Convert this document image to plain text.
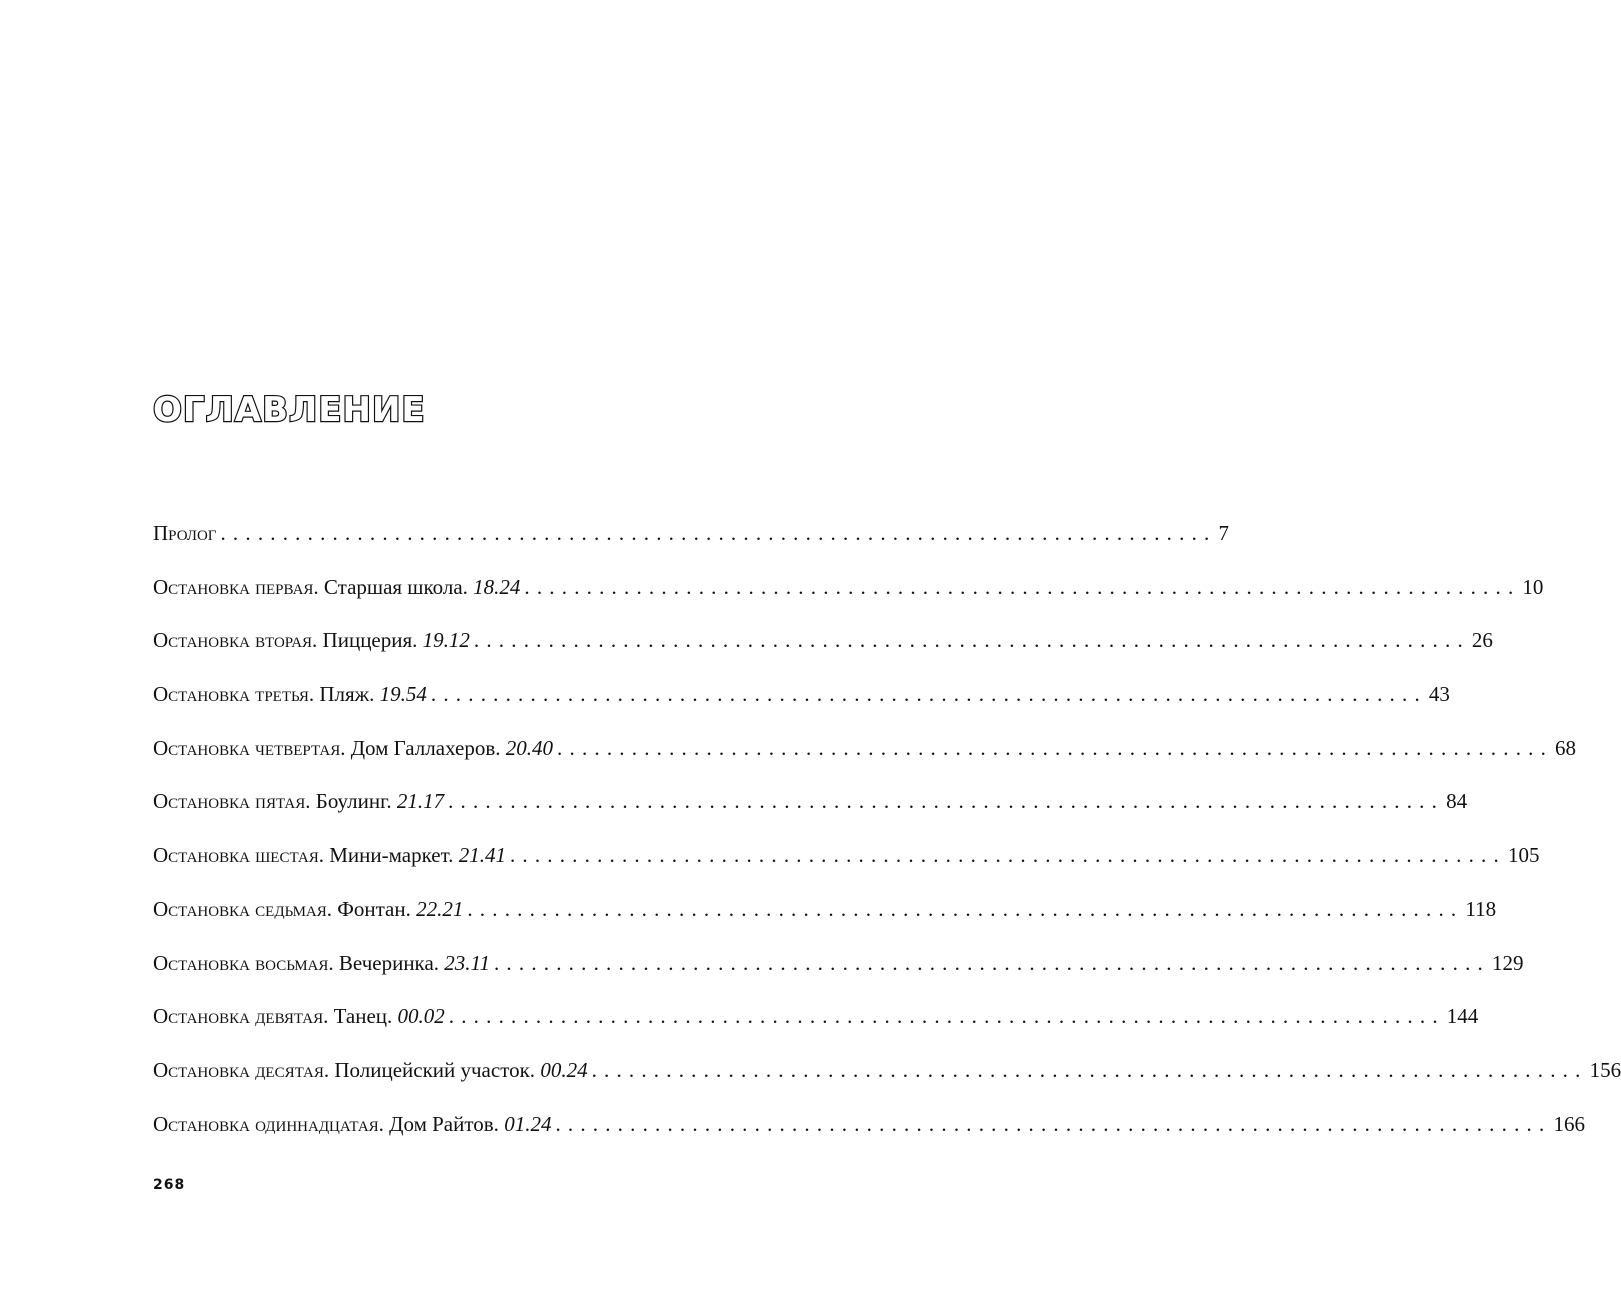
ОГЛАВЛЕНИЕ
Пролог ................................................................................ 7
Остановка первая. Старшая школа. 18.24 ................................................................................ 10
Остановка вторая. Пиццерия. 19.12 ................................................................................ 26
Остановка третья. Пляж. 19.54 ................................................................................ 43
Остановка четвертая. Дом Галлахеров. 20.40 ................................................................................ 68
Остановка пятая. Боулинг. 21.17 ................................................................................ 84
Остановка шестая. Мини-маркет. 21.41 ................................................................................ 105
Остановка седьмая. Фонтан. 22.21 ................................................................................ 118
Остановка восьмая. Вечеринка. 23.11 ................................................................................ 129
Остановка девятая. Танец. 00.02 ................................................................................ 144
Остановка десятая. Полицейский участок. 00.24 ................................................................................ 156
Остановка одиннадцатая. Дом Райтов. 01.24 ................................................................................ 166
268
